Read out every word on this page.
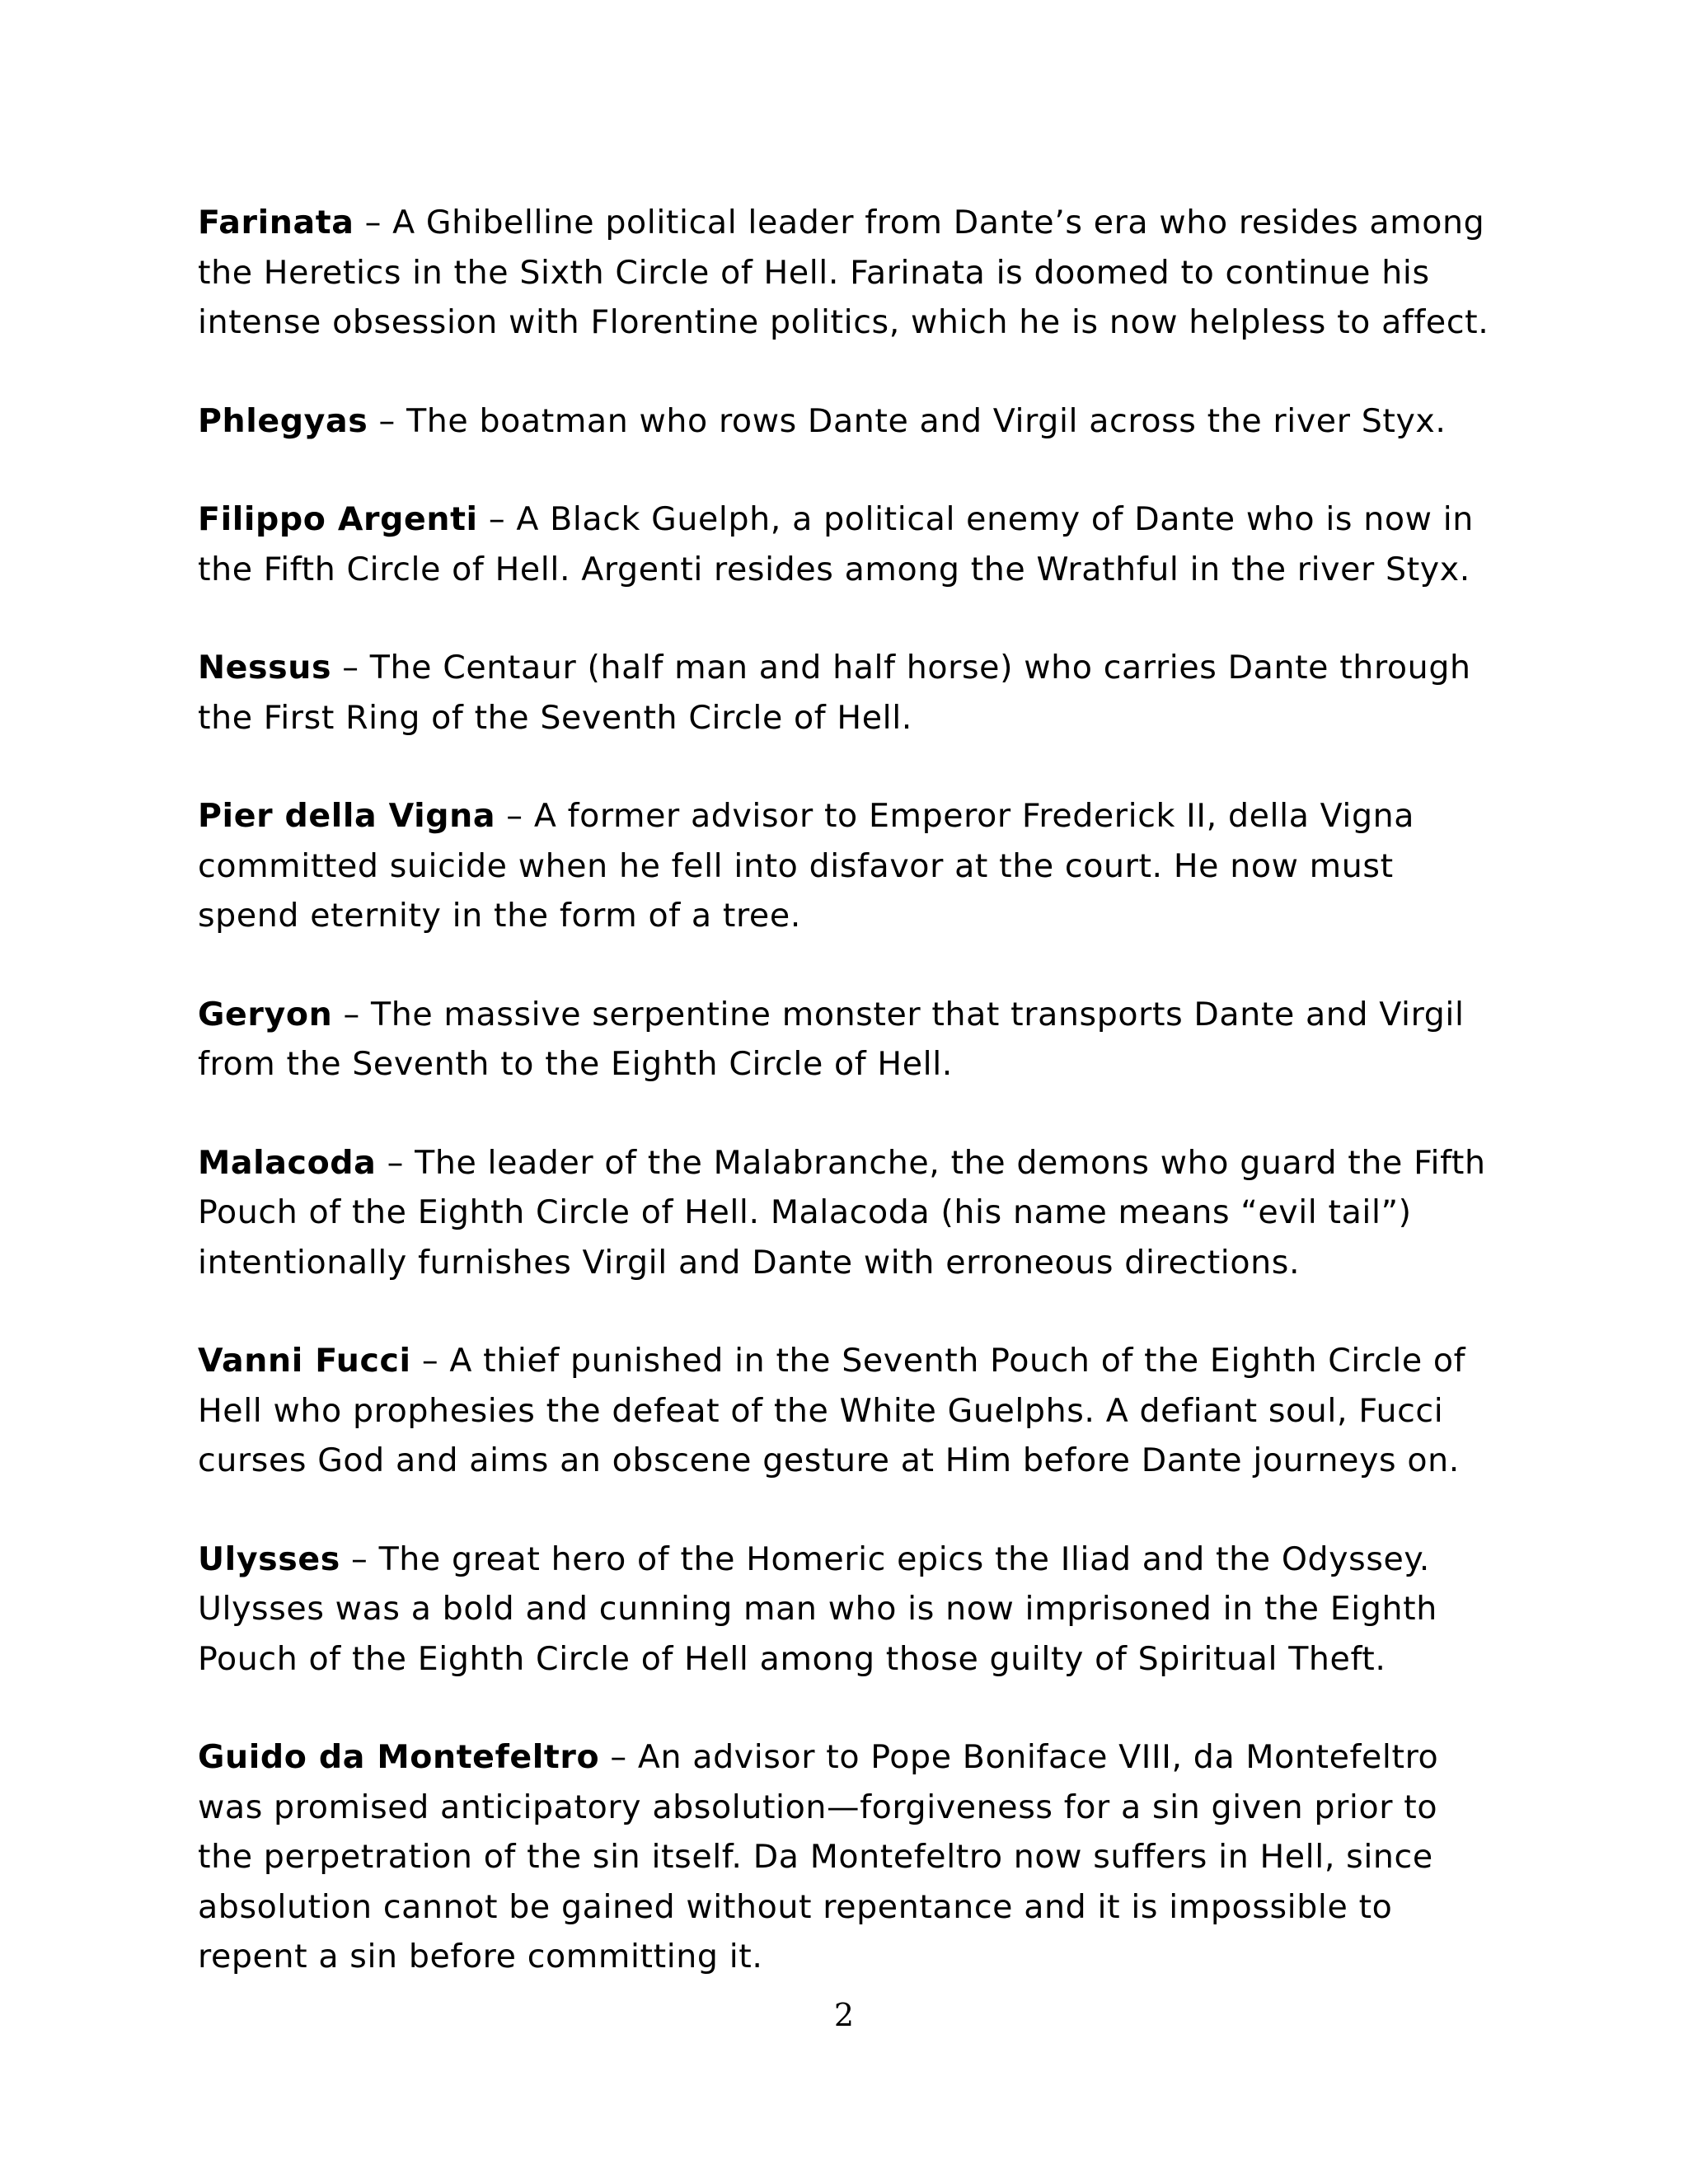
Farinata – A Ghibelline political leader from Dante’s era who resides among the Heretics in the Sixth Circle of Hell. Farinata is doomed to continue his intense obsession with Florentine politics, which he is now helpless to affect.

Phlegyas – The boatman who rows Dante and Virgil across the river Styx.

Filippo Argenti – A Black Guelph, a political enemy of Dante who is now in the Fifth Circle of Hell. Argenti resides among the Wrathful in the river Styx.

Nessus – The Centaur (half man and half horse) who carries Dante through the First Ring of the Seventh Circle of Hell.

Pier della Vigna – A former advisor to Emperor Frederick II, della Vigna committed suicide when he fell into disfavor at the court. He now must spend eternity in the form of a tree.

Geryon – The massive serpentine monster that transports Dante and Virgil from the Seventh to the Eighth Circle of Hell.

Malacoda – The leader of the Malabranche, the demons who guard the Fifth Pouch of the Eighth Circle of Hell. Malacoda (his name means “evil tail”) intentionally furnishes Virgil and Dante with erroneous directions.

Vanni Fucci – A thief punished in the Seventh Pouch of the Eighth Circle of Hell who prophesies the defeat of the White Guelphs. A defiant soul, Fucci curses God and aims an obscene gesture at Him before Dante journeys on.

Ulysses – The great hero of the Homeric epics the Iliad and the Odyssey. Ulysses was a bold and cunning man who is now imprisoned in the Eighth Pouch of the Eighth Circle of Hell among those guilty of Spiritual Theft.

Guido da Montefeltro – An advisor to Pope Boniface VIII, da Montefeltro was promised anticipatory absolution—forgiveness for a sin given prior to the perpetration of the sin itself. Da Montefeltro now suffers in Hell, since absolution cannot be gained without repentance and it is impossible to repent a sin before committing it.

2
